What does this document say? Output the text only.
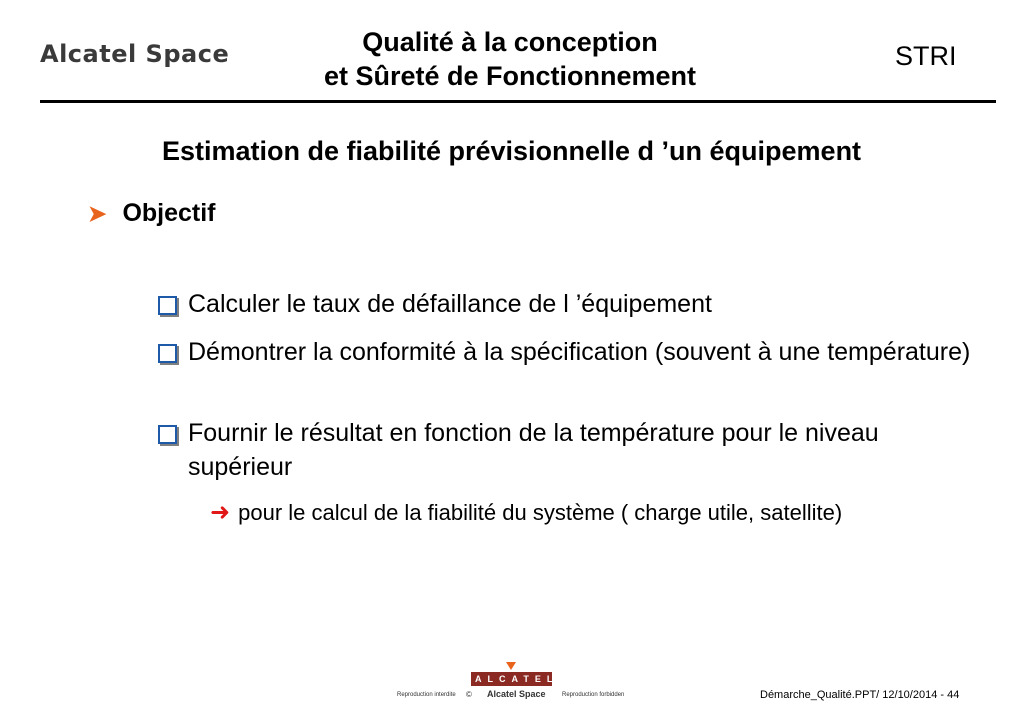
Alcatel Space	Qualité à la conception
et Sûreté de Fonctionnement
STRI
Estimation de fiabilité prévisionnelle d ’un équipement
➤ Objectif
Calculer le taux de défaillance de l ’équipement
Démontrer la conformité à la spécification (souvent à une température)
Fournir le résultat en fonction de la température pour le niveau supérieur
➜ pour le calcul de la fiabilité du système ( charge utile, satellite)
ALCATEL
Reproduction interdite © Alcatel Space	Reproduction forbidden	Démarche_Qualité.PPT/ 12/10/2014 - 44
